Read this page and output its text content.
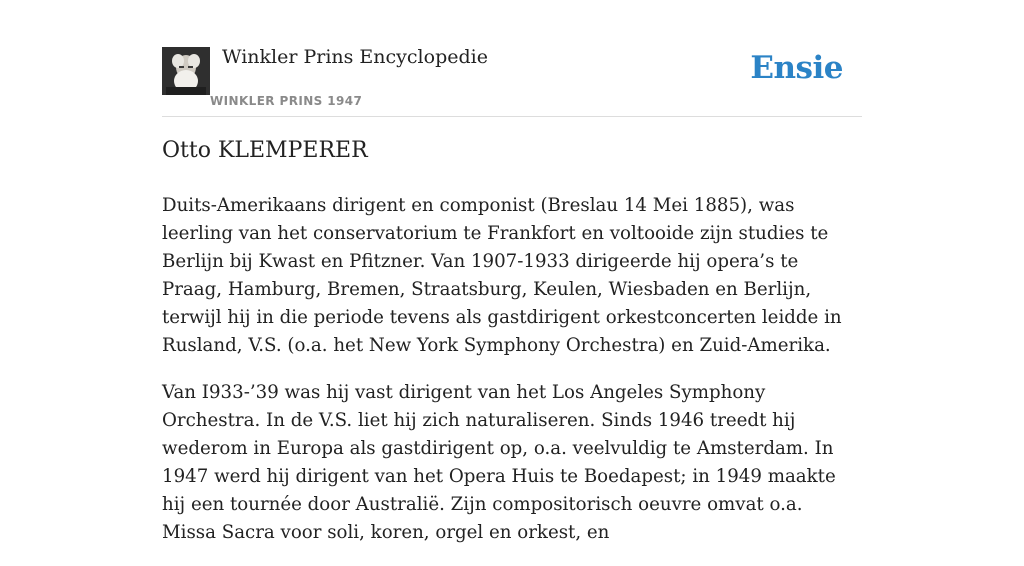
Winkler Prins Encyclopedie
WINKLER PRINS 1947
Ensie
Otto KLEMPERER

Duits-Amerikaans dirigent en componist (Breslau 14 Mei 1885), was leerling van het conservatorium te Frankfort en voltooide zijn studies te Berlijn bij Kwast en Pfitzner. Van 1907-1933 dirigeerde hij opera’s te Praag, Hamburg, Bremen, Straatsburg, Keulen, Wiesbaden en Berlijn, terwijl hij in die periode tevens als gastdirigent orkestconcerten leidde in Rusland, V.S. (o.a. het New York Symphony Orchestra) en Zuid-Amerika.

Van I933-’39 was hij vast dirigent van het Los Angeles Symphony Orchestra. In de V.S. liet hij zich naturaliseren. Sinds 1946 treedt hij wederom in Europa als gastdirigent op, o.a. veelvuldig te Amsterdam. In 1947 werd hij dirigent van het Opera Huis te Boedapest; in 1949 maakte hij een tournée door Australië. Zijn compositorisch oeuvre omvat o.a. Missa Sacra voor soli, koren, orgel en orkest, en
